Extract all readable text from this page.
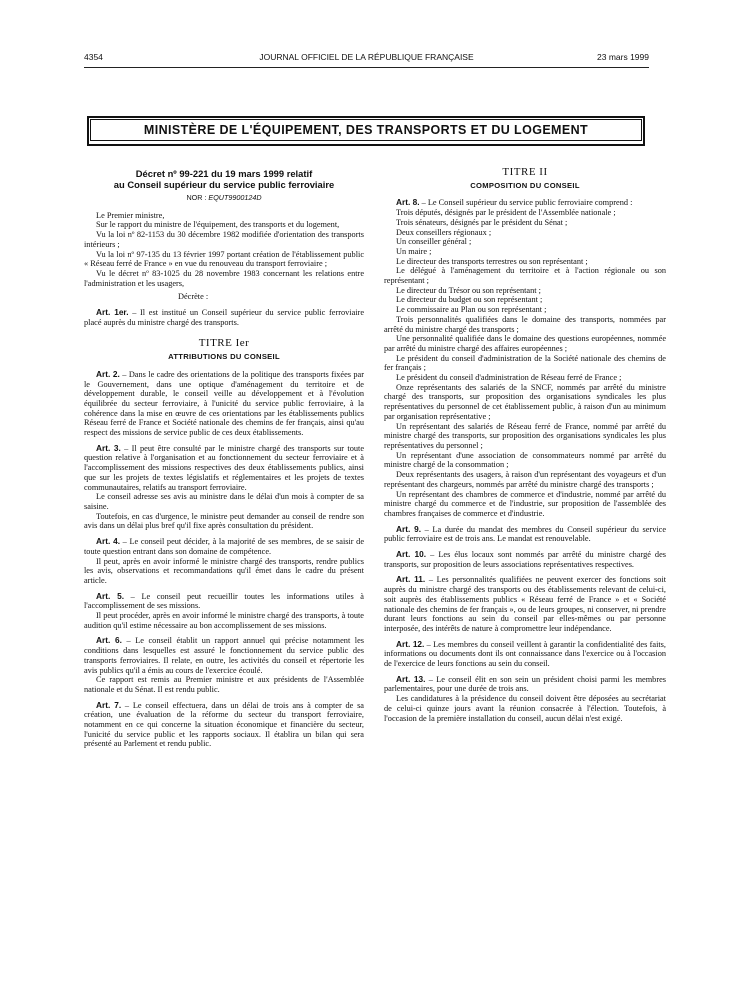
4354	JOURNAL OFFICIEL DE LA RÉPUBLIQUE FRANÇAISE	23 mars 1999
MINISTÈRE DE L'ÉQUIPEMENT, DES TRANSPORTS ET DU LOGEMENT
Décret nº 99-221 du 19 mars 1999 relatif
au Conseil supérieur du service public ferroviaire
NOR : EQUT9900124D

Le Premier ministre,

Sur le rapport du ministre de l'équipement, des transports et du logement,

Vu la loi nº 82-1153 du 30 décembre 1982 modifiée d'orientation des transports intérieurs ;

Vu la loi nº 97-135 du 13 février 1997 portant création de l'établissement public « Réseau ferré de France » en vue du renouveau du transport ferroviaire ;

Vu le décret nº 83-1025 du 28 novembre 1983 concernant les relations entre l'administration et les usagers,

Décrète :

Art. 1er. – Il est institué un Conseil supérieur du service public ferroviaire placé auprès du ministre chargé des transports.

TITRE Ier
ATTRIBUTIONS DU CONSEIL

Art. 2. – Dans le cadre des orientations de la politique des transports fixées par le Gouvernement, dans une optique d'aménagement du territoire et de développement durable, le conseil veille au développement et à l'évolution équilibrée du secteur ferroviaire, à l'unicité du service public ferroviaire, à la cohérence dans la mise en œuvre de ces orientations par les établissements publics Réseau ferré de France et Société nationale des chemins de fer français, ainsi qu'au respect des missions de service public de ces deux établissements.

Art. 3. – Il peut être consulté par le ministre chargé des transports sur toute question relative à l'organisation et au fonctionnement du secteur ferroviaire et à l'accomplissement des missions respectives des deux établissements publics, ainsi que sur les projets de textes législatifs et réglementaires et les projets de textes communautaires, relatifs au transport ferroviaire.

Le conseil adresse ses avis au ministre dans le délai d'un mois à compter de sa saisine.

Toutefois, en cas d'urgence, le ministre peut demander au conseil de rendre son avis dans un délai plus bref qu'il fixe après consultation du président.

Art. 4. – Le conseil peut décider, à la majorité de ses membres, de se saisir de toute question entrant dans son domaine de compétence.

Il peut, après en avoir informé le ministre chargé des transports, rendre publics les avis, observations et recommandations qu'il émet dans le cadre du présent article.

Art. 5. – Le conseil peut recueillir toutes les informations utiles à l'accomplissement de ses missions.

Il peut procéder, après en avoir informé le ministre chargé des transports, à toute audition qu'il estime nécessaire au bon accomplissement de ses missions.

Art. 6. – Le conseil établit un rapport annuel qui précise notamment les conditions dans lesquelles est assuré le fonctionnement du service public des transports ferroviaires. Il relate, en outre, les activités du conseil et répertorie les avis publics qu'il a émis au cours de l'exercice écoulé.

Ce rapport est remis au Premier ministre et aux présidents de l'Assemblée nationale et du Sénat. Il est rendu public.

Art. 7. – Le conseil effectuera, dans un délai de trois ans à compter de sa création, une évaluation de la réforme du secteur du transport ferroviaire, notamment en ce qui concerne la situation économique et financière du secteur, l'unicité du service public et les rapports sociaux. Il établira un bilan qui sera présenté au Parlement et rendu public.

TITRE II
COMPOSITION DU CONSEIL

Art. 8. – Le Conseil supérieur du service public ferroviaire comprend :

Trois députés, désignés par le président de l'Assemblée nationale ;

Trois sénateurs, désignés par le président du Sénat ;

Deux conseillers régionaux ;

Un conseiller général ;

Un maire ;

Le directeur des transports terrestres ou son représentant ;

Le délégué à l'aménagement du territoire et à l'action régionale ou son représentant ;

Le directeur du Trésor ou son représentant ;

Le directeur du budget ou son représentant ;

Le commissaire au Plan ou son représentant ;

Trois personnalités qualifiées dans le domaine des transports, nommées par arrêté du ministre chargé des transports ;

Une personnalité qualifiée dans le domaine des questions européennes, nommée par arrêté du ministre chargé des affaires européennes ;

Le président du conseil d'administration de la Société nationale des chemins de fer français ;

Le président du conseil d'administration de Réseau ferré de France ;

Onze représentants des salariés de la SNCF, nommés par arrêté du ministre chargé des transports, sur proposition des organisations syndicales les plus représentatives du personnel de cet établissement public, à raison d'un au minimum par organisation représentative ;

Un représentant des salariés de Réseau ferré de France, nommé par arrêté du ministre chargé des transports, sur proposition des organisations syndicales les plus représentatives du personnel ;

Un représentant d'une association de consommateurs nommé par arrêté du ministre chargé de la consommation ;

Deux représentants des usagers, à raison d'un représentant des voyageurs et d'un représentant des chargeurs, nommés par arrêté du ministre chargé des transports ;

Un représentant des chambres de commerce et d'industrie, nommé par arrêté du ministre chargé du commerce et de l'industrie, sur proposition de l'assemblée des chambres françaises de commerce et d'industrie.

Art. 9. – La durée du mandat des membres du Conseil supérieur du service public ferroviaire est de trois ans. Le mandat est renouvelable.

Art. 10. – Les élus locaux sont nommés par arrêté du ministre chargé des transports, sur proposition de leurs associations représentatives respectives.

Art. 11. – Les personnalités qualifiées ne peuvent exercer des fonctions soit auprès du ministre chargé des transports ou des établissements relevant de celui-ci, soit auprès des établissements publics « Réseau ferré de France » et « Société nationale des chemins de fer français », ou de leurs groupes, ni conserver, ni prendre durant leurs fonctions au sein du conseil par elles-mêmes ou par personne interposée, des intérêts de nature à compromettre leur indépendance.

Art. 12. – Les membres du conseil veillent à garantir la confidentialité des faits, informations ou documents dont ils ont connaissance dans l'exercice ou à l'occasion de l'exercice de leurs fonctions au sein du conseil.

Art. 13. – Le conseil élit en son sein un président choisi parmi les membres parlementaires, pour une durée de trois ans.

Les candidatures à la présidence du conseil doivent être déposées au secrétariat de celui-ci quinze jours avant la réunion consacrée à l'élection. Toutefois, à l'occasion de la première installation du conseil, aucun délai n'est exigé.
